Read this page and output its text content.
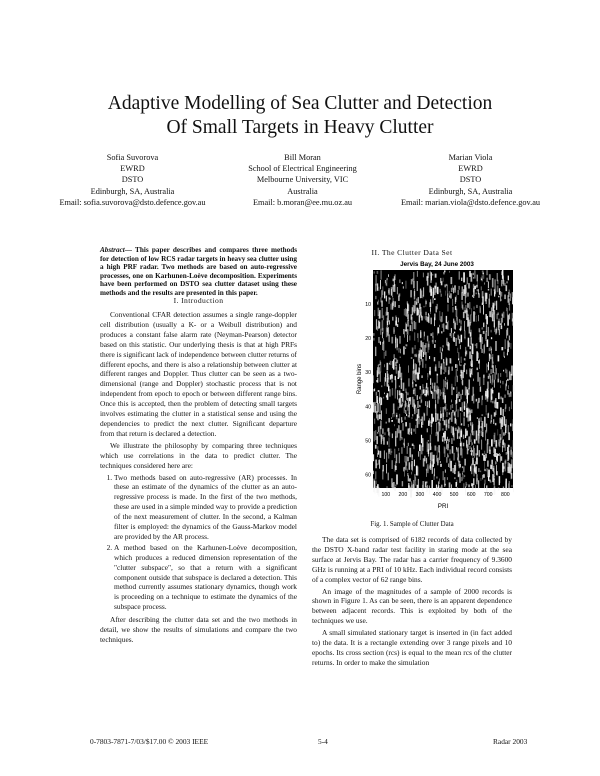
Adaptive Modelling of Sea Clutter and Detection
Of Small Targets in Heavy Clutter
Sofia Suvorova
EWRD
DSTO
Edinburgh, SA, Australia
Email: sofia.suvorova@dsto.defence.gov.au
Bill Moran
School of Electrical Engineering
Melbourne University, VIC
Australia
Email: b.moran@ee.mu.oz.au
Marian Viola
EWRD
DSTO
Edinburgh, SA, Australia
Email: marian.viola@dsto.defence.gov.au
Abstract— This paper describes and compares three methods for detection of low RCS radar targets in heavy sea clutter using a high PRF radar. Two methods are based on auto-regressive processes, one on Karhunen-Loève decomposition. Experiments have been performed on DSTO sea clutter dataset using these methods and the results are presented in this paper.
I. Introduction

Conventional CFAR detection assumes a single range-doppler cell distribution (usually a K- or a Weibull distribution) and produces a constant false alarm rate (Neyman-Pearson) detector based on this statistic. Our underlying thesis is that at high PRFs there is significant lack of independence between clutter returns of different epochs, and there is also a relationship between clutter at different ranges and Doppler. Thus clutter can be seen as a two-dimensional (range and Doppler) stochastic process that is not independent from epoch to epoch or between different range bins. Once this is accepted, then the problem of detecting small targets involves estimating the clutter in a statistical sense and using the dependencies to predict the next clutter. Significant departure from that return is declared a detection.

We illustrate the philosophy by comparing three techniques which use correlations in the data to predict clutter. The techniques considered here are:

1. Two methods based on auto-regressive (AR) processes. In these an estimate of the dynamics of the clutter as an auto-regressive process is made. In the first of the two methods, these are used in a simple minded way to provide a prediction of the next measurement of clutter. In the second, a Kalman filter is employed: the dynamics of the Gauss-Markov model are provided by the AR process.
2. A method based on the Karhunen-Loève decomposition, which produces a reduced dimension representation of the "clutter subspace", so that a return with a significant component outside that subspace is declared a detection. This method currently assumes stationary dynamics, though work is proceeding on a technique to estimate the dynamics of the subspace process.

After describing the clutter data set and the two methods in detail, we show the results of simulations and compare the two techniques.

II. The Clutter Data Set
Jervis Bay, 24 June 2003
Range bins
10
20
30
40
50
60
100 200 300 400 500 600 700 800
PRI
Fig. 1. Sample of Clutter Data

The data set is comprised of 6182 records of data collected by the DSTO X-band radar test facility in staring mode at the sea surface at Jervis Bay. The radar has a carrier frequency of 9.3600 GHz is running at a PRI of 10 kHz. Each individual record consists of a complex vector of 62 range bins.

An image of the magnitudes of a sample of 2000 records is shown in Figure 1. As can be seen, there is an apparent dependence between adjacent records. This is exploited by both of the techniques we use.

A small simulated stationary target is inserted in (in fact added to) the data. It is a rectangle extending over 3 range pixels and 10 epochs. Its cross section (rcs) is equal to the mean rcs of the clutter returns. In order to make the simulation

0-7803-7871-7/03/$17.00 © 2003 IEEE	5-4	Radar 2003
